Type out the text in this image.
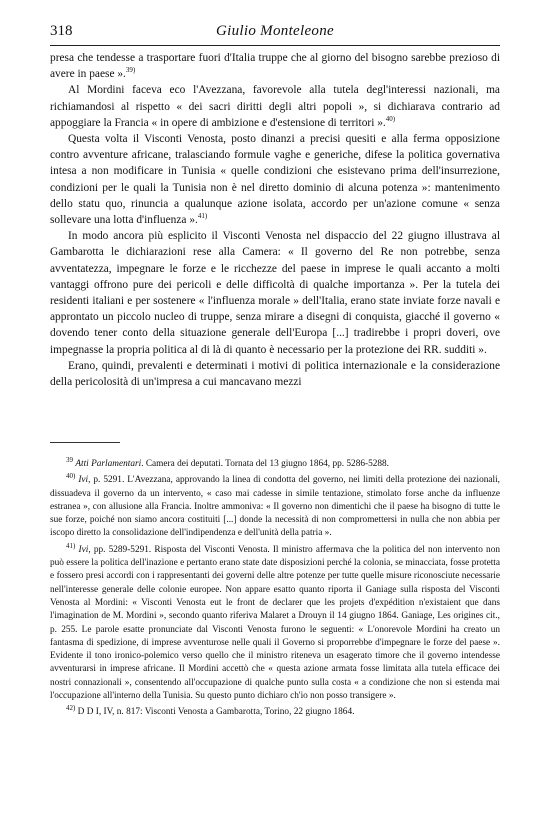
318	Giulio Monteleone

presa che tendesse a trasportare fuori d'Italia truppe che al giorno del bisogno sarebbe prezioso di avere in paese ».$^{39)}$

Al Mordini faceva eco l'Avezzana, favorevole alla tutela degl'interessi nazionali, ma richiamandosi al rispetto « dei sacri diritti degli altri popoli », si dichiarava contrario ad appoggiare la Francia « in opere di ambizione e d'estensione di territori ».$^{40)}$

Questa volta il Visconti Venosta, posto dinanzi a precisi quesiti e alla ferma opposizione contro avventure africane, tralasciando formule vaghe e generiche, difese la politica governativa intesa a non modificare in Tunisia « quelle condizioni che esistevano prima dell'insurrezione, condizioni per le quali la Tunisia non è nel diretto dominio di alcuna potenza »: mantenimento dello statu quo, rinuncia a qualunque azione isolata, accordo per un'azione comune « senza sollevare una lotta d'influenza ».$^{41)}$

In modo ancora più esplicito il Visconti Venosta nel dispaccio del 22 giugno illustrava al Gambarotta le dichiarazioni rese alla Camera: « Il governo del Re non potrebbe, senza avventatezza, impegnare le forze e le ricchezze del paese in imprese le quali accanto a molti vantaggi offrono pure dei pericoli e delle difficoltà di qualche importanza ». Per la tutela dei residenti italiani e per sostenere « l'influenza morale » dell'Italia, erano state inviate forze navali e approntato un piccolo nucleo di truppe, senza mirare a disegni di conquista, giacché il governo « dovendo tener conto della situazione generale dell'Europa [...] tradirebbe i propri doveri, ove impegnasse la propria politica al di là di quanto è necessario per la protezione dei RR. sudditi ».

Erano, quindi, prevalenti e determinati i motivi di politica internazionale e la considerazione della pericolosità di un'impresa a cui mancavano mezzi

$^{39}$ Atti Parlamentari. Camera dei deputati. Tornata del 13 giugno 1864, pp. 5286-5288.

$^{40)}$ Ivi, p. 5291. L'Avezzana, approvando la linea di condotta del governo, nei limiti della protezione dei nazionali, dissuadeva il governo da un intervento, « caso mai cadesse in simile tentazione, stimolato forse anche da influenze estranea », con allusione alla Francia. Inoltre ammoniva: « Il governo non dimentichi che il paese ha bisogno di tutte le sue forze, poiché non siamo ancora costituiti [...] donde la necessità di non compromettersi in nulla che non abbia per iscopo diretto la consolidazione dell'indipendenza e dell'unità della patria ».

$^{41)}$ Ivi, pp. 5289-5291. Risposta del Visconti Venosta. Il ministro affermava che la politica del non intervento non può essere la politica dell'inazione e pertanto erano state date disposizioni perché la colonia, se minacciata, fosse protetta e fossero presi accordi con i rappresentanti dei governi delle altre potenze per tutte quelle misure riconosciute necessarie nell'interesse generale delle colonie europee. Non appare esatto quanto riporta il Ganiage sulla risposta del Visconti Venosta al Mordini: « Visconti Venosta eut le front de declarer que les projets d'expédition n'existaient que dans l'imagination de M. Mordini », secondo quanto riferiva Malaret a Drouyn il 14 giugno 1864. Ganiage, Les origines cit., p. 255. Le parole esatte pronunciate dal Visconti Venosta furono le seguenti: « L'onorevole Mordini ha creato un fantasma di spedizione, di imprese avventurose nelle quali il Governo si proporrebbe d'impegnare le forze del paese ». Evidente il tono ironico-polemico verso quello che il ministro riteneva un esagerato timore che il governo intendesse avventurarsi in imprese africane. Il Mordini accettò che « questa azione armata fosse limitata alla tutela efficace dei nostri connazionali », consentendo all'occupazione di qualche punto sulla costa « a condizione che non si estenda mai l'occupazione all'interno della Tunisia. Su questo punto dichiaro ch'io non posso transigere ».

$^{42)}$ D D I, IV, n. 817: Visconti Venosta a Gambarotta, Torino, 22 giugno 1864.
